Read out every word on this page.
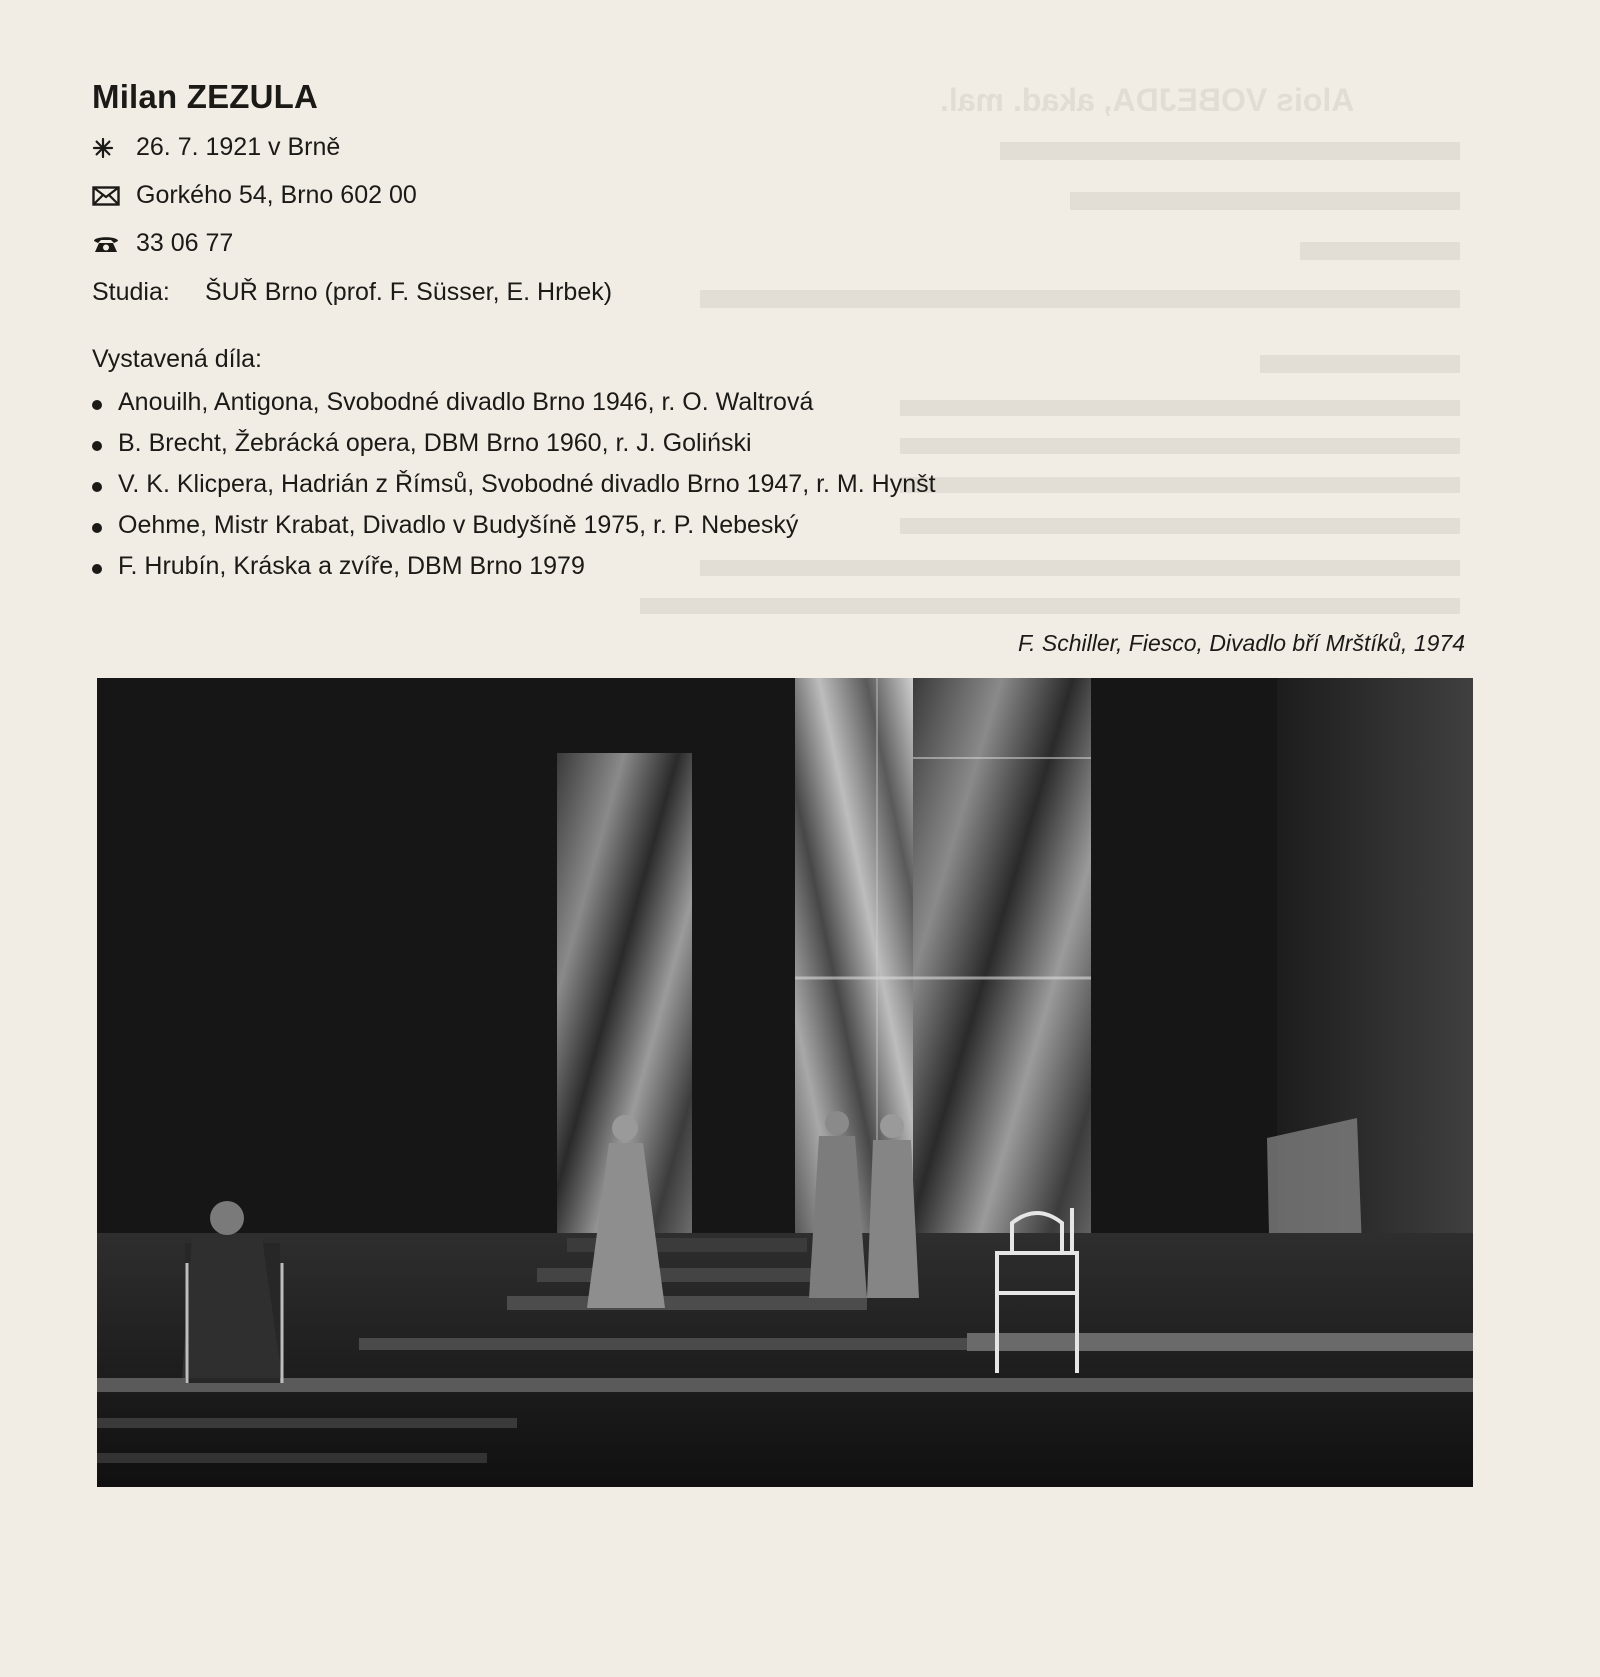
Alois VOBEJDA, akad. mal.
Milan ZEZULA
26. 7. 1921 v Brně
Gorkého 54, Brno 602 00
33 06 77
Studia: ŠUŘ Brno (prof. F. Süsser, E. Hrbek)
Vystavená díla:
Anouilh, Antigona, Svobodné divadlo Brno 1946, r. O. Waltrová
B. Brecht, Žebrácká opera, DBM Brno 1960, r. J. Goliński
V. K. Klicpera, Hadrián z Římsů, Svobodné divadlo Brno 1947, r. M. Hynšt
Oehme, Mistr Krabat, Divadlo v Budyšíně 1975, r. P. Nebeský
F. Hrubín, Kráska a zvíře, DBM Brno 1979
F. Schiller, Fiesco, Divadlo bří Mrštíků, 1974
